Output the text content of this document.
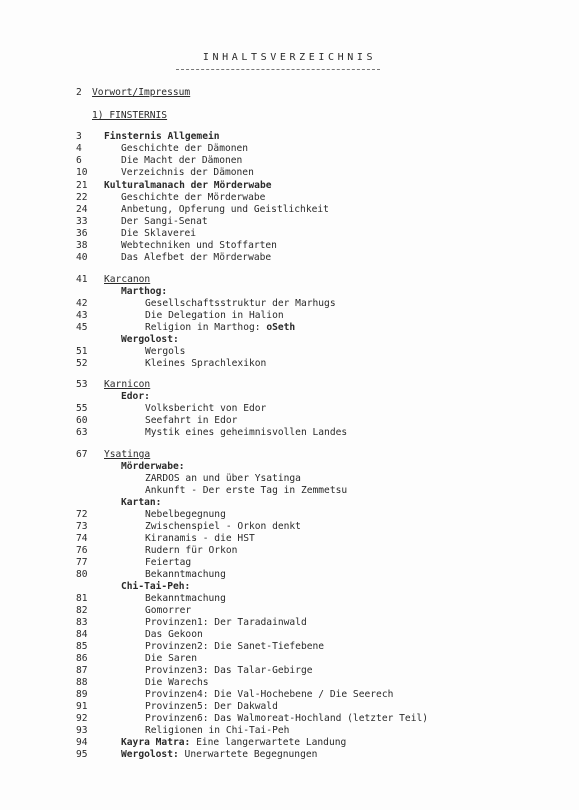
INHALTSVERZEICHNIS
2	Vorwort/Impressum
1) FINSTERNIS
3	Finsternis Allgemein
4	Geschichte der Dämonen
6	Die Macht der Dämonen
10	Verzeichnis der Dämonen
21	Kulturalmanach der Mörderwabe
22	Geschichte der Mörderwabe
24	Anbetung, Opferung und Geistlichkeit
33	Der Sangi-Senat
36	Die Sklaverei
38	Webtechniken und Stoffarten
40	Das Alefbet der Mörderwabe
41	Karcanon
Marthog:
42	Gesellschaftsstruktur der Marhugs
43	Die Delegation in Halion
45	Religion in Marthog: oSeth
Wergolost:
51	Wergols
52	Kleines Sprachlexikon
53	Karnicon
Edor:
55	Volksbericht von Edor
60	Seefahrt in Edor
63	Mystik eines geheimnisvollen Landes
67	Ysatinga
Mörderwabe:
ZARDOS an und über Ysatinga
Ankunft - Der erste Tag in Zemmetsu
Kartan:
72	Nebelbegegnung
73	Zwischenspiel - Orkon denkt
74	Kiranamis - die HST
76	Rudern für Orkon
77	Feiertag
80	Bekanntmachung
Chi-Tai-Peh:
81	Bekanntmachung
82	Gomorrer
83	Provinzen1: Der Taradainwald
84	Das Gekoon
85	Provinzen2: Die Sanet-Tiefebene
86	Die Saren
87	Provinzen3: Das Talar-Gebirge
88	Die Warechs
89	Provinzen4: Die Val-Hochebene / Die Seerech
91	Provinzen5: Der Dakwald
92	Provinzen6: Das Walmoreat-Hochland (letzter Teil)
93	Religionen in Chi-Tai-Peh
94	Kayra Matra: Eine langerwartete Landung
95	Wergolost: Unerwartete Begegnungen
